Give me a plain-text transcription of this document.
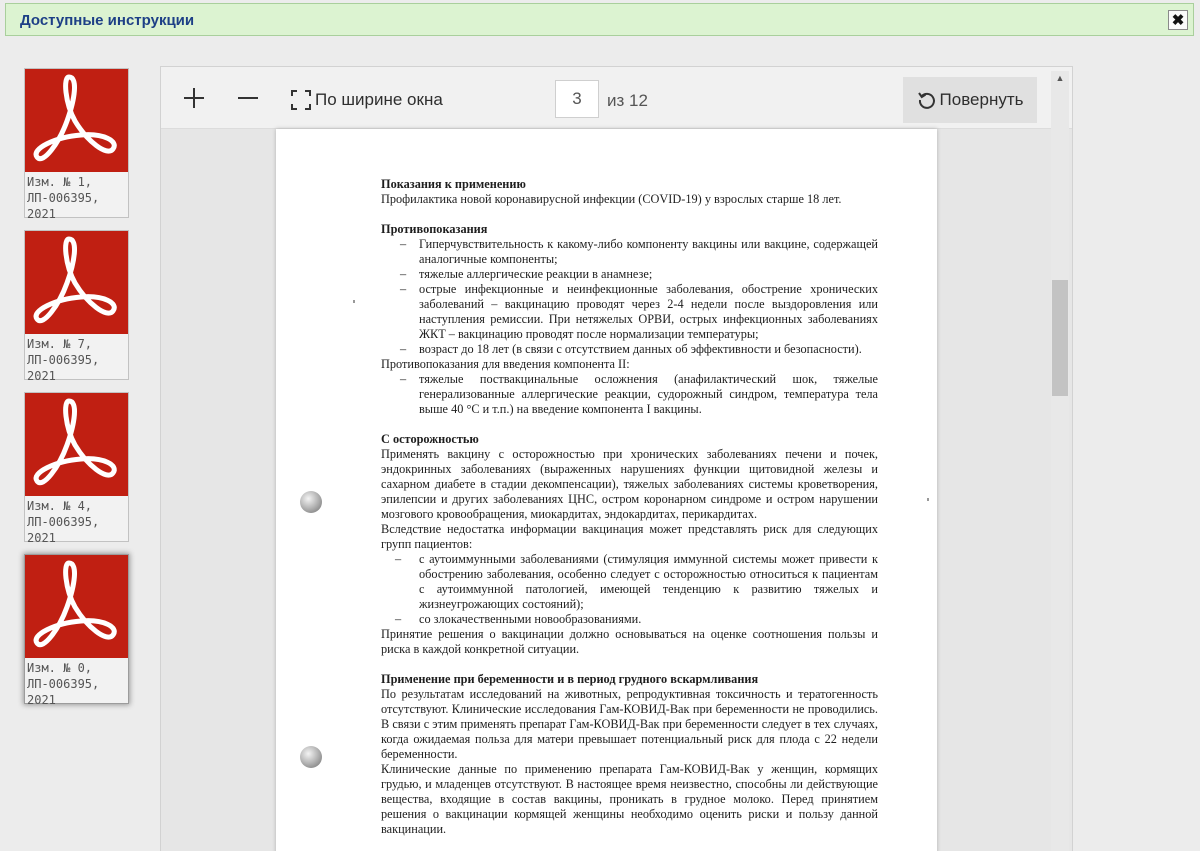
Доступные инструкции	✖
Изм. № 1,
ЛП-006395,
2021
Изм. № 7,
ЛП-006395,
2021
Изм. № 4,
ЛП-006395,
2021
Изм. № 0,
ЛП-006395,
2021
По ширине окна
3	из 12	Повернуть
Показания к применению

Профилактика новой коронавирусной инфекции (COVID-19) у взрослых старше 18 лет.

Противопоказания
– Гиперчувствительность к какому-либо компоненту вакцины или вакцине, содержащей аналогичные компоненты;
– тяжелые аллергические реакции в анамнезе;
– острые инфекционные и неинфекционные заболевания, обострение хронических заболеваний – вакцинацию проводят через 2-4 недели после выздоровления или наступления ремиссии. При нетяжелых ОРВИ, острых инфекционных заболеваниях ЖКТ – вакцинацию проводят после нормализации температуры;
– возраст до 18 лет (в связи с отсутствием данных об эффективности и безопасности).

Противопоказания для введения компонента II:

– тяжелые поствакцинальные осложнения (анафилактический шок, тяжелые генерализованные аллергические реакции, судорожный синдром, температура тела выше 40 °С и т.п.) на введение компонента I вакцины.
С осторожностью

Применять вакцину с осторожностью при хронических заболеваниях печени и почек, эндокринных заболеваниях (выраженных нарушениях функции щитовидной железы и сахарном диабете в стадии декомпенсации), тяжелых заболеваниях системы кроветворения, эпилепсии и других заболеваниях ЦНС, остром коронарном синдроме и остром нарушении мозгового кровообращения, миокардитах, эндокардитах, перикардитах.

Вследствие недостатка информации вакцинация может представлять риск для следующих групп пациентов:

– с аутоиммунными заболеваниями (стимуляция иммунной системы может привести к обострению заболевания, особенно следует с осторожностью относиться к пациентам с аутоиммунной патологией, имеющей тенденцию к развитию тяжелых и жизнеугрожающих состояний);
– со злокачественными новообразованиями.

Принятие решения о вакцинации должно основываться на оценке соотношения пользы и риска в каждой конкретной ситуации.

Применение при беременности и в период грудного вскармливания

По результатам исследований на животных, репродуктивная токсичность и тератогенность отсутствуют. Клинические исследования Гам-КОВИД-Вак при беременности не проводились. В связи с этим применять препарат Гам-КОВИД-Вак при беременности следует в тех случаях, когда ожидаемая польза для матери превышает потенциальный риск для плода с 22 недели беременности.

Клинические данные по применению препарата Гам-КОВИД-Вак у женщин, кормящих грудью, и младенцев отсутствуют. В настоящее время неизвестно, способны ли действующие вещества, входящие в состав вакцины, проникать в грудное молоко. Перед принятием решения о вакцинации кормящей женщины необходимо оценить риски и пользу данной вакцинации.

▲
